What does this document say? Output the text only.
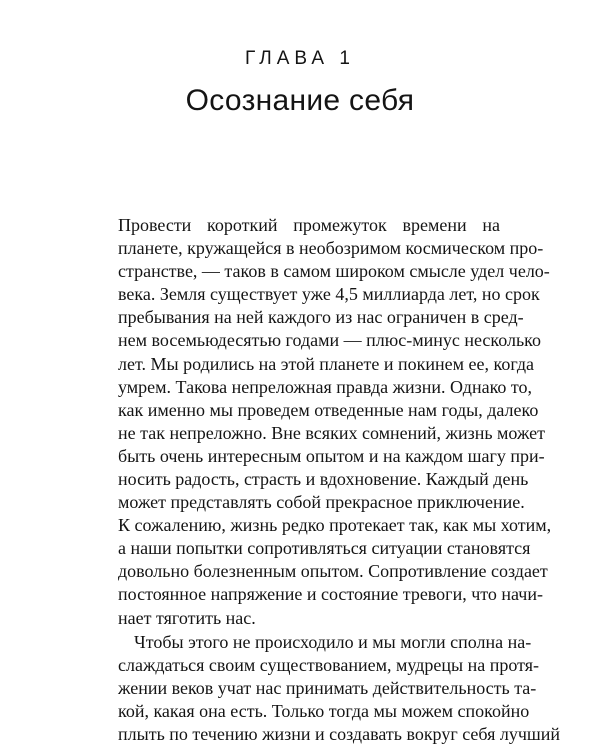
ГЛАВА 1
Осознание себя
Провести короткий промежуток времени на
планете, кружащейся в необозримом космическом про-
странстве, — таков в самом широком смысле удел чело-
века. Земля существует уже 4,5 миллиарда лет, но срок
пребывания на ней каждого из нас ограничен в сред-
нем восемьюдесятью годами — плюс-минус несколько
лет. Мы родились на этой планете и покинем ее, когда
умрем. Такова непреложная правда жизни. Однако то,
как именно мы проведем отведенные нам годы, далеко
не так непреложно. Вне всяких сомнений, жизнь может
быть очень интересным опытом и на каждом шагу при-
носить радость, страсть и вдохновение. Каждый день
может представлять собой прекрасное приключение.
К сожалению, жизнь редко протекает так, как мы хотим,
а наши попытки сопротивляться ситуации становятся
довольно болезненным опытом. Сопротивление создает
постоянное напряжение и состояние тревоги, что начи-
нает тяготить нас.
Чтобы этого не происходило и мы могли сполна на-
слаждаться своим существованием, мудрецы на протя-
жении веков учат нас принимать действительность та-
кой, какая она есть. Только тогда мы можем спокойно
плыть по течению жизни и создавать вокруг себя лучший
